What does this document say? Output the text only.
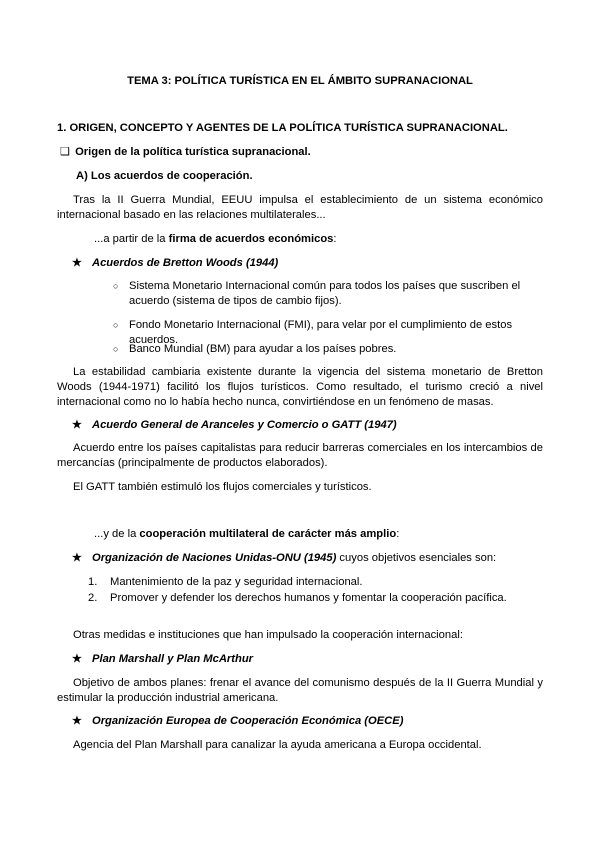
TEMA 3: POLÍTICA TURÍSTICA EN EL ÁMBITO SUPRANACIONAL
1. ORIGEN, CONCEPTO Y AGENTES DE LA POLÍTICA TURÍSTICA SUPRANACIONAL.
❑ Origen de la política turística supranacional.
A) Los acuerdos de cooperación.
Tras la II Guerra Mundial, EEUU impulsa el establecimiento de un sistema económico internacional basado en las relaciones multilaterales...
...a partir de la firma de acuerdos económicos:
★ Acuerdos de Bretton Woods (1944)
○ Sistema Monetario Internacional común para todos los países que suscriben el acuerdo (sistema de tipos de cambio fijos).
○ Fondo Monetario Internacional (FMI), para velar por el cumplimiento de estos acuerdos.
○ Banco Mundial (BM) para ayudar a los países pobres.
La estabilidad cambiaria existente durante la vigencia del sistema monetario de Bretton Woods (1944-1971) facilitó los flujos turísticos. Como resultado, el turismo creció a nivel internacional como no lo había hecho nunca, convirtiéndose en un fenómeno de masas.
★ Acuerdo General de Aranceles y Comercio o GATT (1947)
Acuerdo entre los países capitalistas para reducir barreras comerciales en los intercambios de mercancías (principalmente de productos elaborados).
El GATT también estimuló los flujos comerciales y turísticos.
...y de la cooperación multilateral de carácter más amplio:
★ Organización de Naciones Unidas-ONU (1945) cuyos objetivos esenciales son:
1. Mantenimiento de la paz y seguridad internacional.
2. Promover y defender los derechos humanos y fomentar la cooperación pacífica.
Otras medidas e instituciones que han impulsado la cooperación internacional:
★ Plan Marshall y Plan McArthur
Objetivo de ambos planes: frenar el avance del comunismo después de la II Guerra Mundial y estimular la producción industrial americana.
★ Organización Europea de Cooperación Económica (OECE)
Agencia del Plan Marshall para canalizar la ayuda americana a Europa occidental.
